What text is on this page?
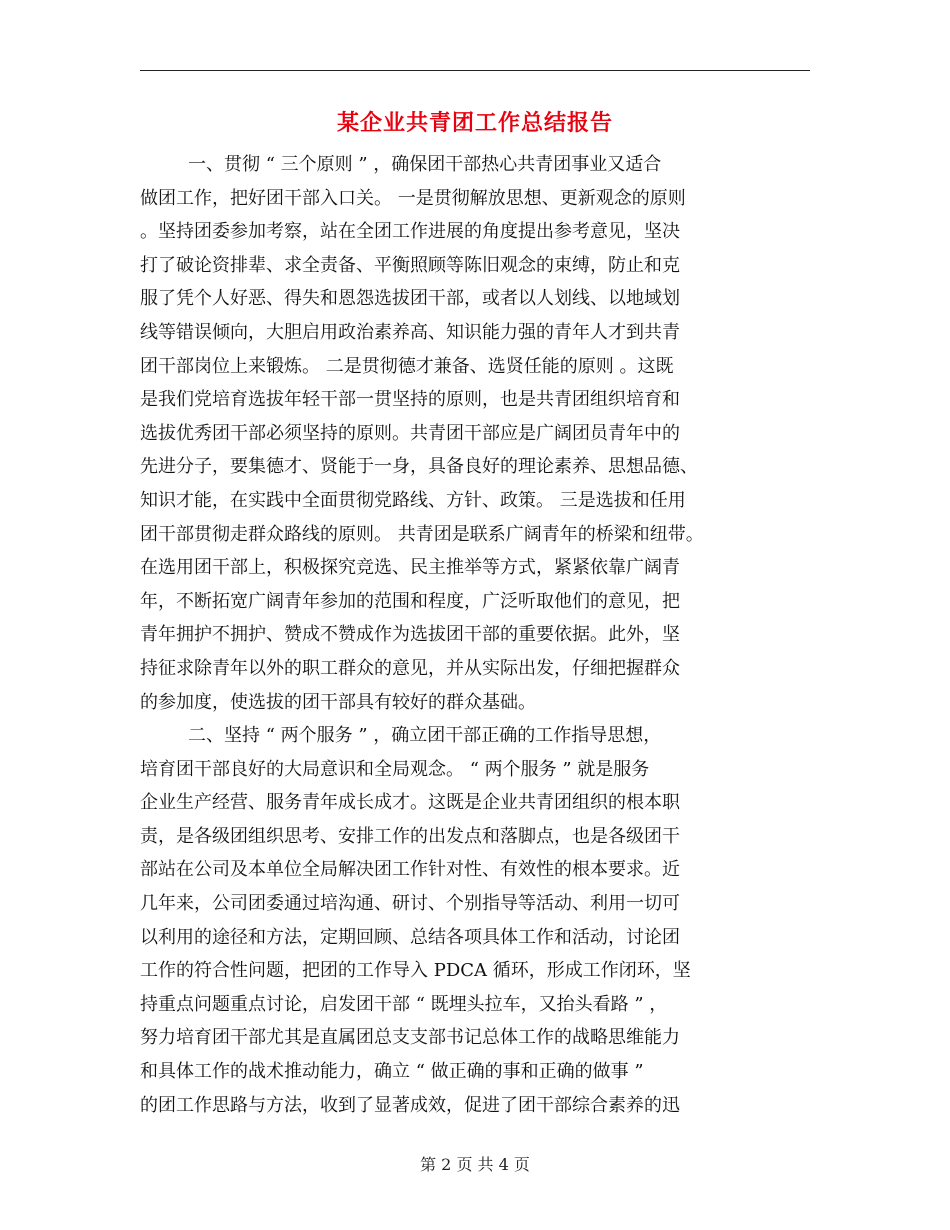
某企业共青团工作总结报告
一、贯彻 “ 三个原则 ” ，确保团干部热心共青团事业又适合
做团工作，把好团干部入口关。 一是贯彻解放思想、更新观念的原则
。坚持团委参加考察，站在全团工作进展的角度提出参考意见，坚决
打了破论资排辈、求全责备、平衡照顾等陈旧观念的束缚，防止和克
服了凭个人好恶、得失和恩怨选拔团干部，或者以人划线、以地域划
线等错误倾向，大胆启用政治素养高、知识能力强的青年人才到共青
团干部岗位上来锻炼。 二是贯彻德才兼备、选贤任能的原则 。这既
是我们党培育选拔年轻干部一贯坚持的原则，也是共青团组织培育和
选拔优秀团干部必须坚持的原则。共青团干部应是广阔团员青年中的
先进分子，要集德才、贤能于一身，具备良好的理论素养、思想品德、
知识才能，在实践中全面贯彻党路线、方针、政策。 三是选拔和任用
团干部贯彻走群众路线的原则。 共青团是联系广阔青年的桥梁和纽带。
在选用团干部上，积极探究竞选、民主推举等方式，紧紧依靠广阔青
年，不断拓宽广阔青年参加的范围和程度，广泛听取他们的意见，把
青年拥护不拥护、赞成不赞成作为选拔团干部的重要依据。此外，坚
持征求除青年以外的职工群众的意见，并从实际出发，仔细把握群众
的参加度，使选拔的团干部具有较好的群众基础。
二、坚持 “ 两个服务 ” ，确立团干部正确的工作指导思想，
培育团干部良好的大局意识和全局观念。 “ 两个服务 ” 就是服务
企业生产经营、服务青年成长成才。这既是企业共青团组织的根本职
责，是各级团组织思考、安排工作的出发点和落脚点，也是各级团干
部站在公司及本单位全局解决团工作针对性、有效性的根本要求。近
几年来，公司团委通过培沟通、研讨、个别指导等活动、利用一切可
以利用的途径和方法，定期回顾、总结各项具体工作和活动，讨论团
工作的符合性问题，把团的工作导入 PDCA 循环，形成工作闭环，坚
持重点问题重点讨论，启发团干部 “ 既埋头拉车，又抬头看路 ” ，
努力培育团干部尤其是直属团总支支部书记总体工作的战略思维能力
和具体工作的战术推动能力，确立 “ 做正确的事和正确的做事 ”
的团工作思路与方法，收到了显著成效，促进了团干部综合素养的迅
第 2 页 共 4 页
